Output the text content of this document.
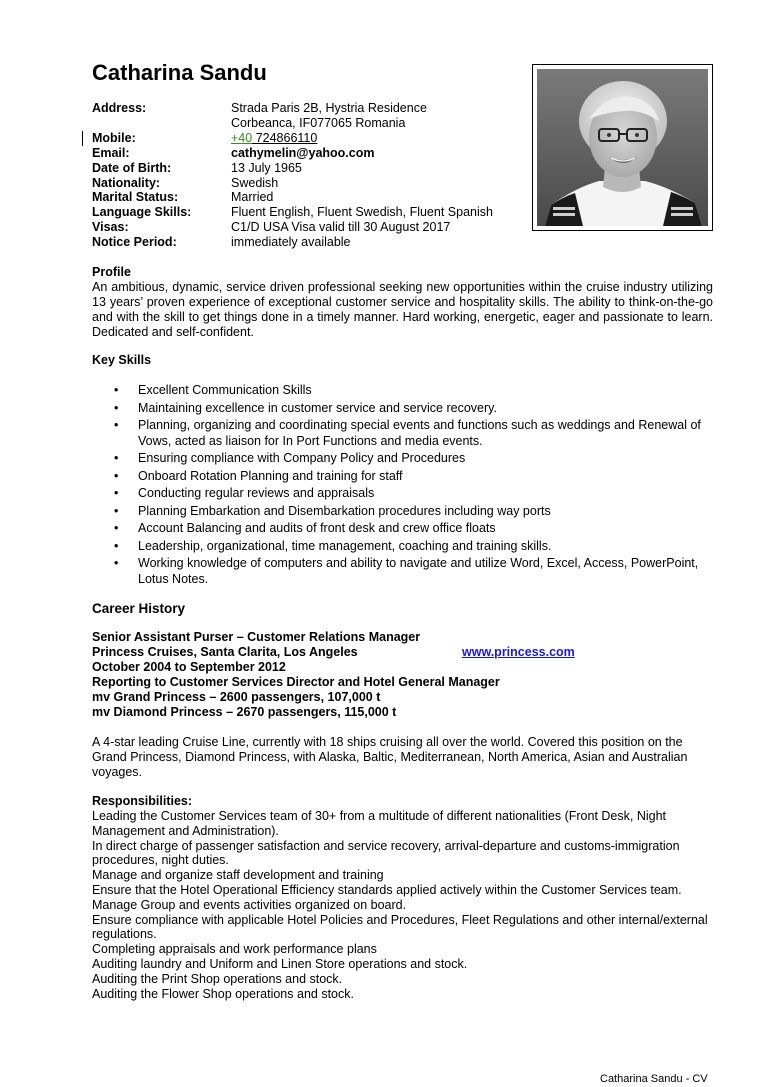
Catharina Sandu
Address:	Strada Paris 2B, Hystria Residence
Corbeanca, IF077065 Romania
Mobile:	+40 724866110
Email:	cathymelin@yahoo.com
Date of Birth:	13 July 1965
Nationality:	Swedish
Marital Status:	Married
Language Skills:	Fluent English, Fluent Swedish, Fluent Spanish
Visas:	C1/D USA Visa valid till 30 August 2017
Notice Period:	immediately available

Profile

An ambitious, dynamic, service driven professional seeking new opportunities within the cruise industry utilizing 13 years’ proven experience of exceptional customer service and hospitality skills. The ability to think-on-the-go and with the skill to get things done in a timely manner. Hard working, energetic, eager and passionate to learn. Dedicated and self-confident.

Key Skills

• Excellent Communication Skills
• Maintaining excellence in customer service and service recovery.
• Planning, organizing and coordinating special events and functions such as weddings and Renewal of Vows, acted as liaison for In Port Functions and media events.
• Ensuring compliance with Company Policy and Procedures
• Onboard Rotation Planning and training for staff
• Conducting regular reviews and appraisals
• Planning Embarkation and Disembarkation procedures including way ports
• Account Balancing and audits of front desk and crew office floats
• Leadership, organizational, time management, coaching and training skills.
• Working knowledge of computers and ability to navigate and utilize Word, Excel, Access, PowerPoint, Lotus Notes.

Career History

Senior Assistant Purser – Customer Relations Manager
Princess Cruises, Santa Clarita, Los Angeles	www.princess.com
October 2004 to September 2012
Reporting to Customer Services Director and Hotel General Manager
mv Grand Princess – 2600 passengers, 107,000 t
mv Diamond Princess – 2670 passengers, 115,000 t

A 4-star leading Cruise Line, currently with 18 ships cruising all over the world. Covered this position on the Grand Princess, Diamond Princess, with Alaska, Baltic, Mediterranean, North America, Asian and Australian voyages.

Responsibilities:

Leading the Customer Services team of 30+ from a multitude of different nationalities (Front Desk, Night Management and Administration).

In direct charge of passenger satisfaction and service recovery, arrival-departure and customs-immigration procedures, night duties.

Manage and organize staff development and training

Ensure that the Hotel Operational Efficiency standards applied actively within the Customer Services team.

Manage Group and events activities organized on board.

Ensure compliance with applicable Hotel Policies and Procedures, Fleet Regulations and other internal/external regulations.

Completing appraisals and work performance plans

Auditing laundry and Uniform and Linen Store operations and stock.

Auditing the Print Shop operations and stock.

Auditing the Flower Shop operations and stock.

Catharina Sandu - CV
